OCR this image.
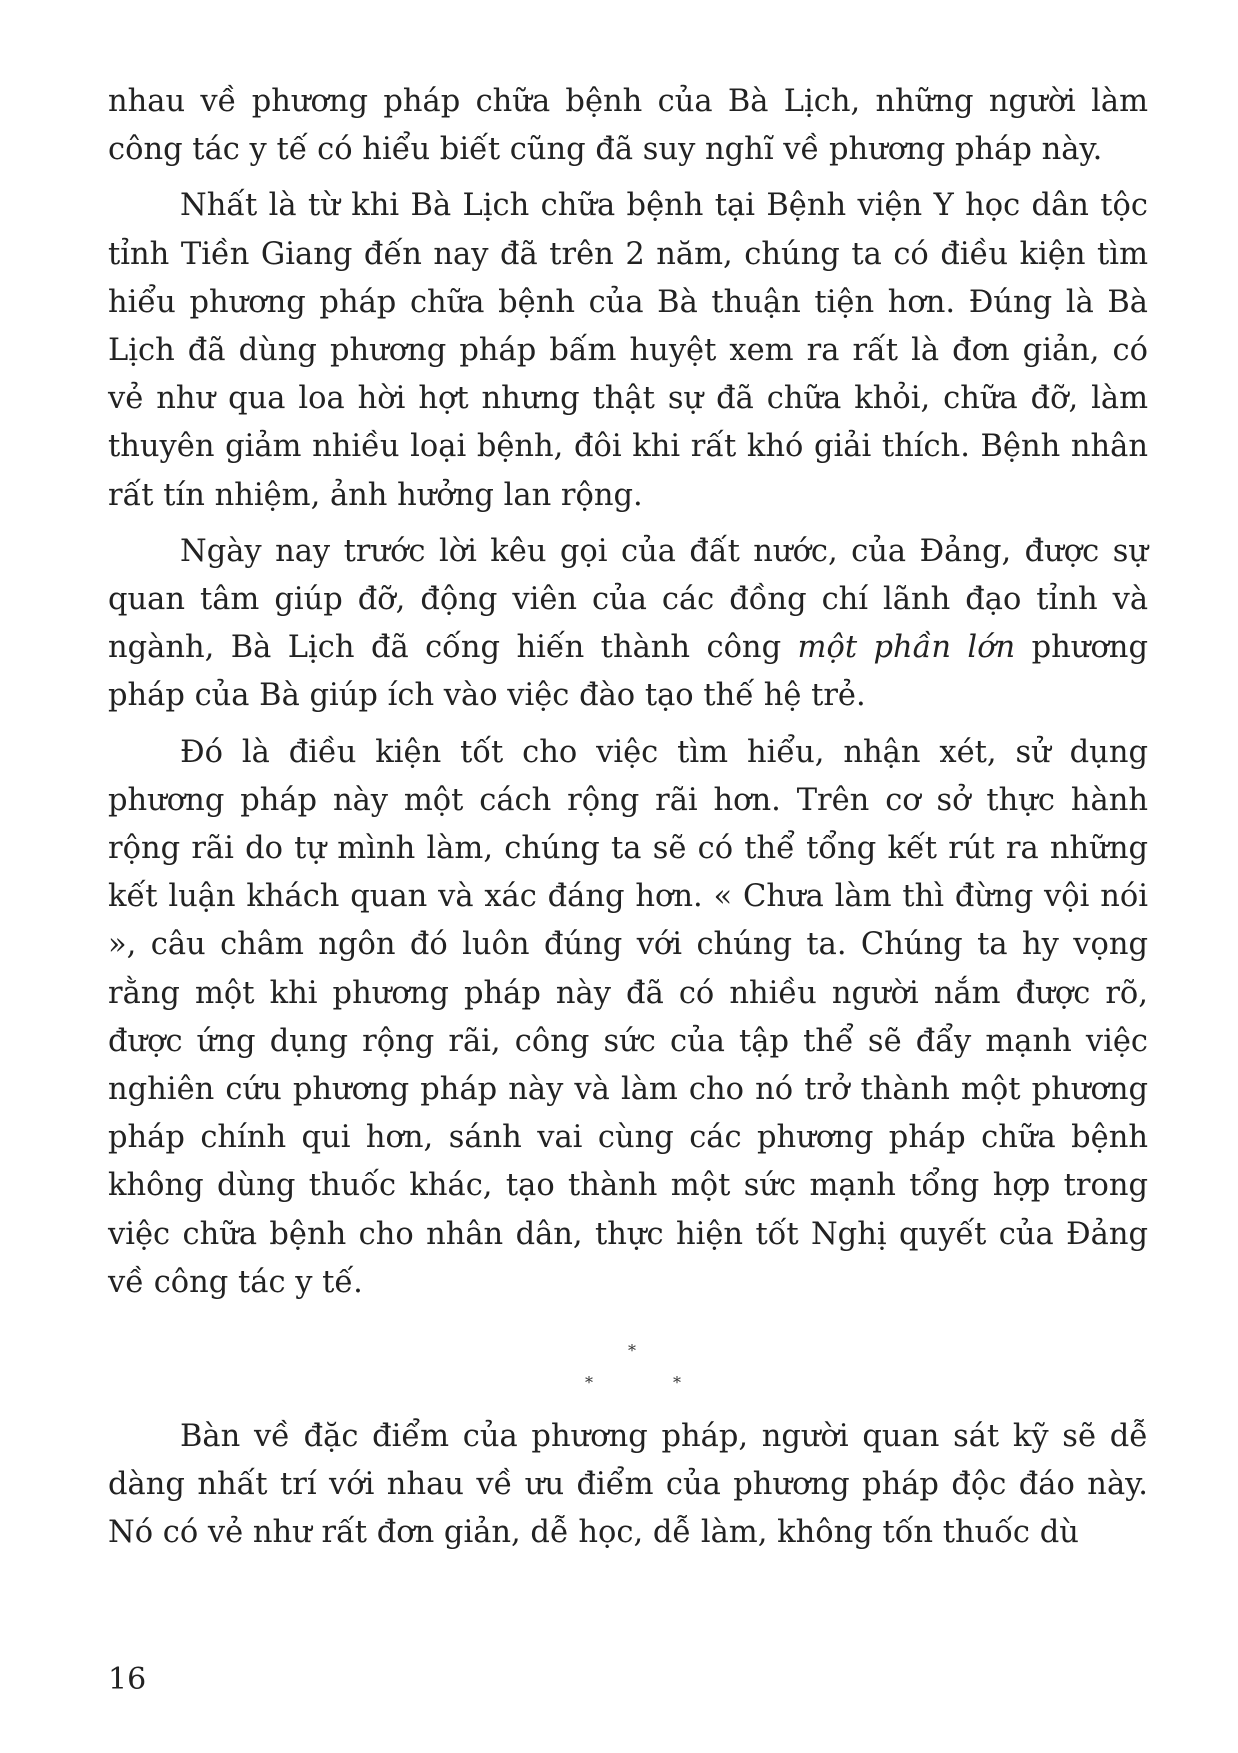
nhau về phương pháp chữa bệnh của Bà Lịch, những người làm công tác y tế có hiểu biết cũng đã suy nghĩ về phương pháp này.

Nhất là từ khi Bà Lịch chữa bệnh tại Bệnh viện Y học dân tộc tỉnh Tiền Giang đến nay đã trên 2 năm, chúng ta có điều kiện tìm hiểu phương pháp chữa bệnh của Bà thuận tiện hơn. Đúng là Bà Lịch đã dùng phương pháp bấm huyệt xem ra rất là đơn giản, có vẻ như qua loa hời hợt nhưng thật sự đã chữa khỏi, chữa đỡ, làm thuyên giảm nhiều loại bệnh, đôi khi rất khó giải thích. Bệnh nhân rất tín nhiệm, ảnh hưởng lan rộng.

Ngày nay trước lời kêu gọi của đất nước, của Đảng, được sự quan tâm giúp đỡ, động viên của các đồng chí lãnh đạo tỉnh và ngành, Bà Lịch đã cống hiến thành công một phần lớn phương pháp của Bà giúp ích vào việc đào tạo thế hệ trẻ.

Đó là điều kiện tốt cho việc tìm hiểu, nhận xét, sử dụng phương pháp này một cách rộng rãi hơn. Trên cơ sở thực hành rộng rãi do tự mình làm, chúng ta sẽ có thể tổng kết rút ra những kết luận khách quan và xác đáng hơn. « Chưa làm thì đừng vội nói », câu châm ngôn đó luôn đúng với chúng ta. Chúng ta hy vọng rằng một khi phương pháp này đã có nhiều người nắm được rõ, được ứng dụng rộng rãi, công sức của tập thể sẽ đẩy mạnh việc nghiên cứu phương pháp này và làm cho nó trở thành một phương pháp chính qui hơn, sánh vai cùng các phương pháp chữa bệnh không dùng thuốc khác, tạo thành một sức mạnh tổng hợp trong việc chữa bệnh cho nhân dân, thực hiện tốt Nghị quyết của Đảng về công tác y tế.

*
*	*

Bàn về đặc điểm của phương pháp, người quan sát kỹ sẽ dễ dàng nhất trí với nhau về ưu điểm của phương pháp độc đáo này. Nó có vẻ như rất đơn giản, dễ học, dễ làm, không tốn thuốc dù

16
